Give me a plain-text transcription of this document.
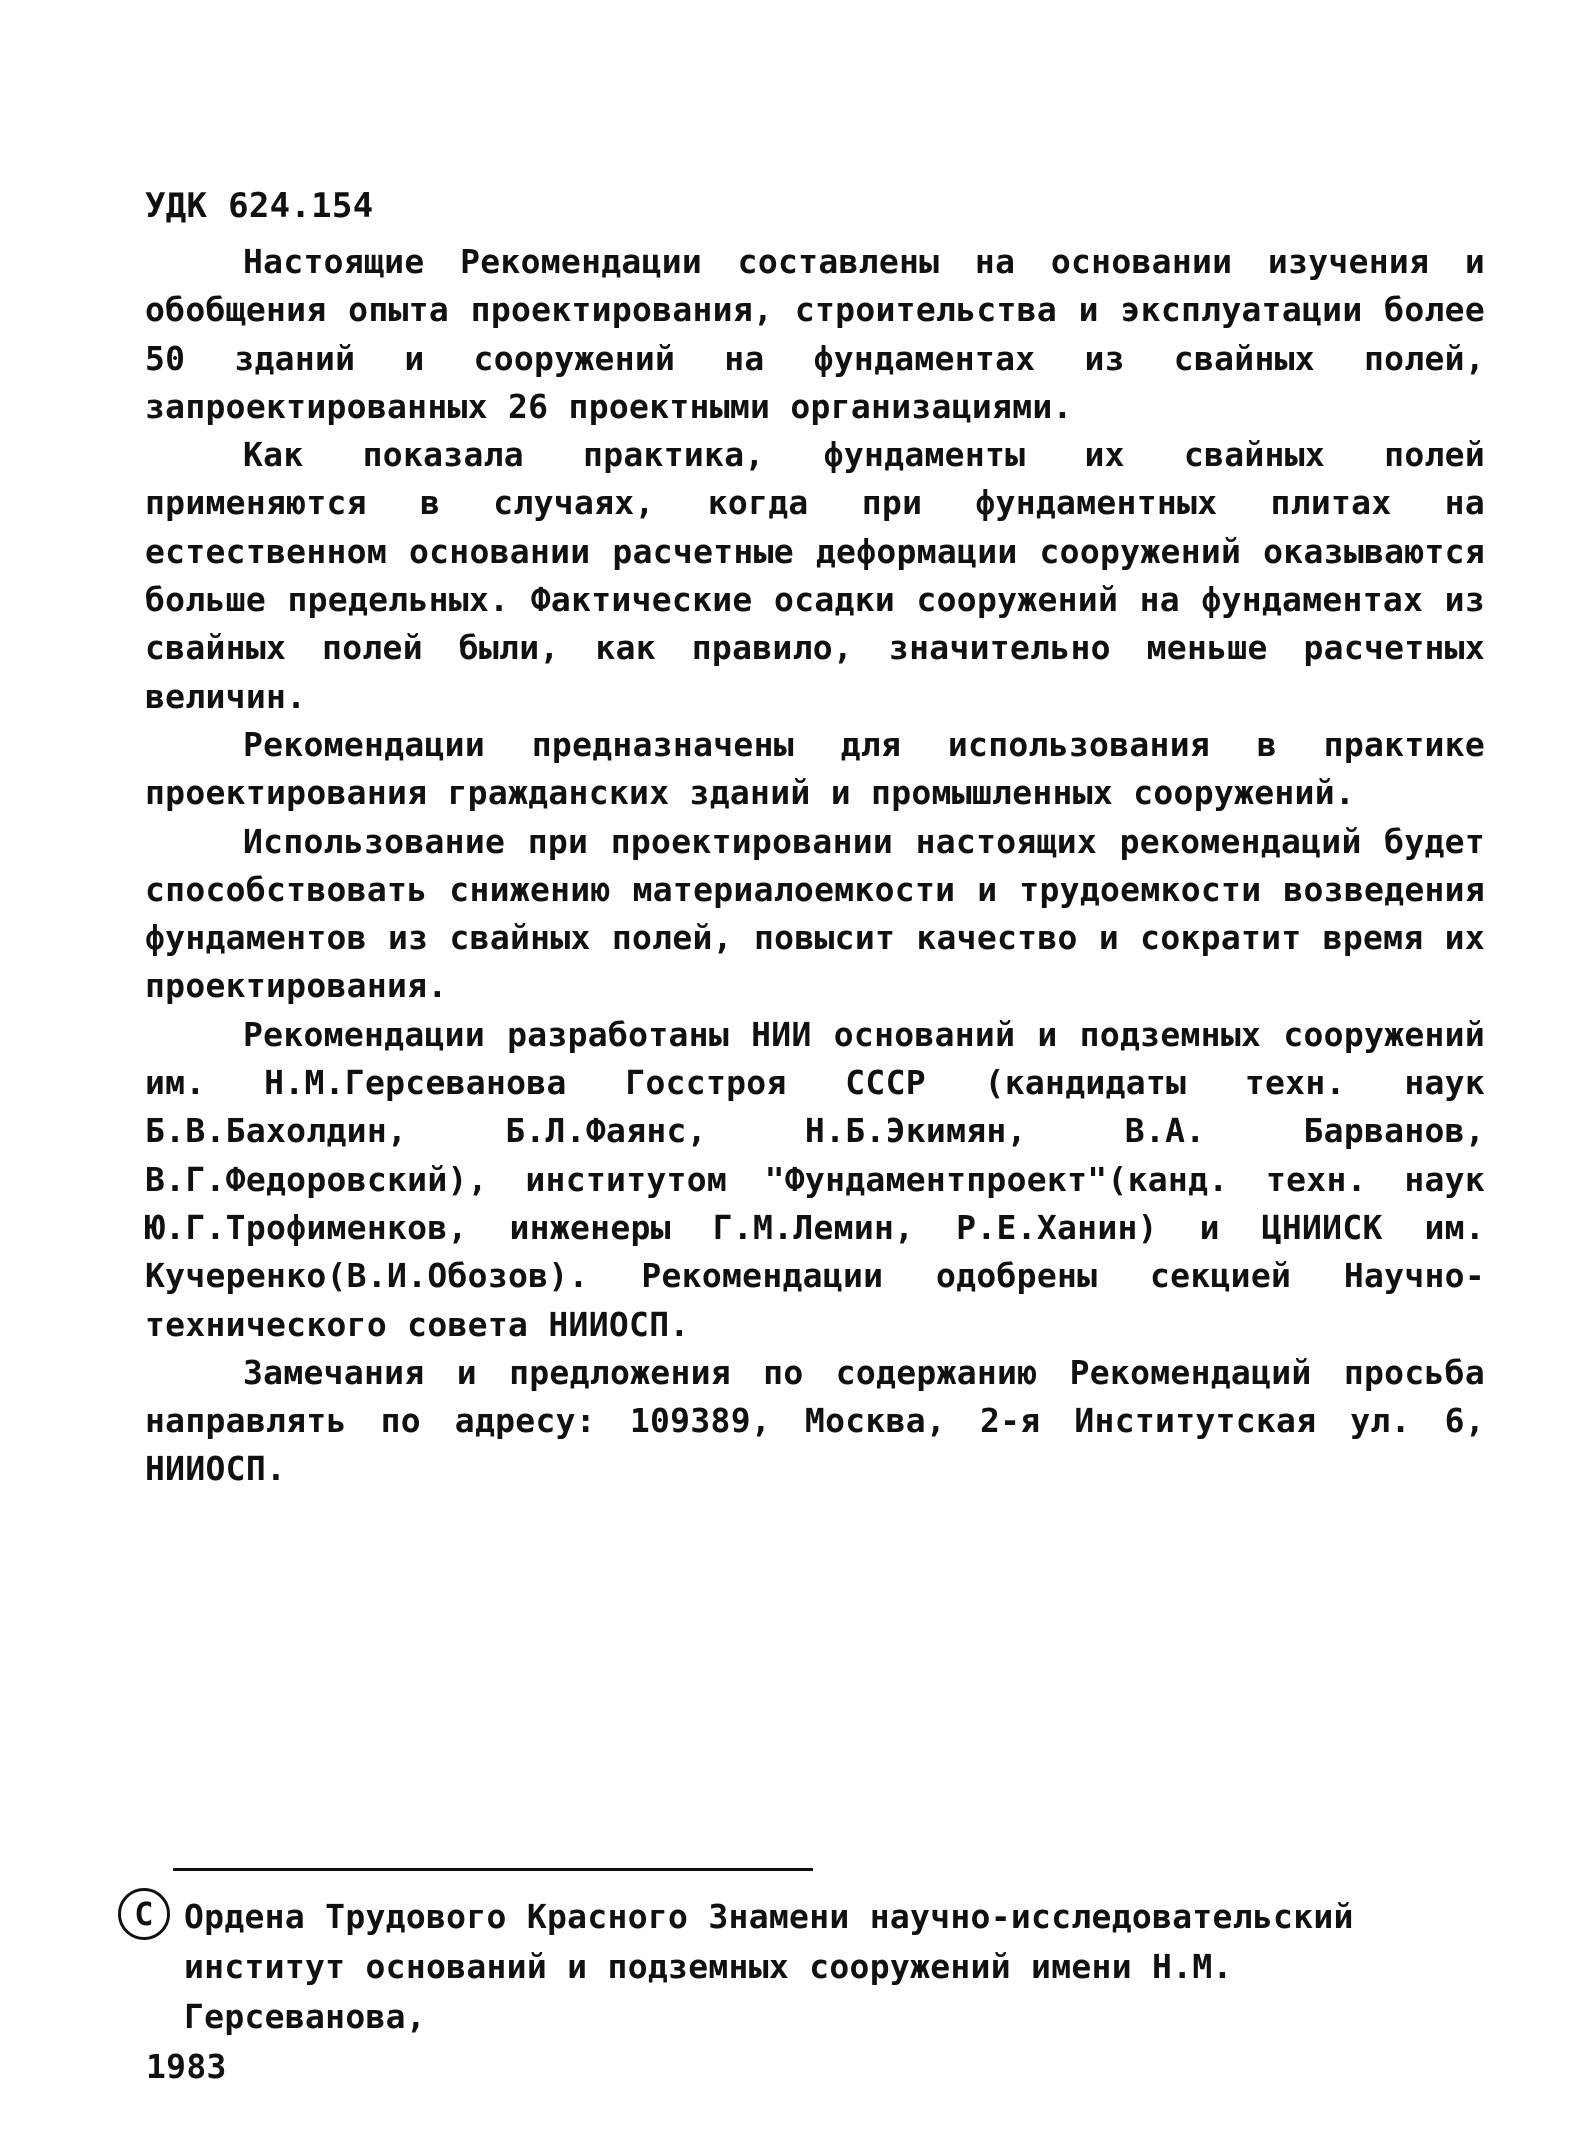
УДК 624.154

Настоящие Рекомендации составлены на основании изучения и обобщения опыта проектирования, строительства и эксплуатации более 50 зданий и сооружений на фундаментах из свайных полей, запроектированных 26 проектными организациями.

Как показала практика, фундаменты их свайных полей применяются в случаях, когда при фундаментных плитах на естественном основании расчетные деформации сооружений оказываются больше предельных. Фактические осадки сооружений на фундаментах из свайных полей были, как правило, значительно меньше расчетных величин.

Рекомендации предназначены для использования в практике проектирования гражданских зданий и промышленных сооружений.

Использование при проектировании настоящих рекомендаций будет способствовать снижению материалоемкости и трудоемкости возведения фундаментов из свайных полей, повысит качество и сократит время их проектирования.

Рекомендации разработаны НИИ оснований и подземных сооружений им. Н.М.Герсеванова Госстроя СССР (кандидаты техн. наук Б.В.Бахолдин, Б.Л.Фаянс, Н.Б.Экимян, В.А. Барванов, В.Г.Федоровский), институтом "Фундаментпроект"(канд. техн. наук Ю.Г.Трофименков, инженеры Г.М.Лемин, Р.Е.Ханин) и ЦНИИСК им. Кучеренко(В.И.Обозов). Рекомендации одобрены секцией Научно-технического совета НИИОСП.

Замечания и предложения по содержанию Рекомендаций просьба направлять по адресу: 109389, Москва, 2-я Институтская ул. 6, НИИОСП.

С Ордена Трудового Красного Знамени научно-исследовательский институт оснований и подземных сооружений имени Н.М. Герсеванова,
1983
